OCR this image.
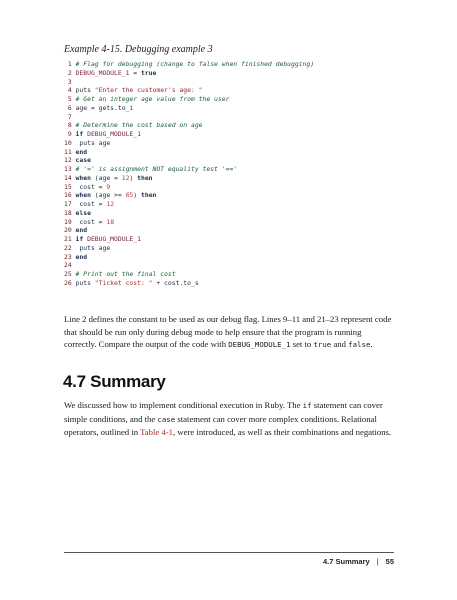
Example 4-15. Debugging example 3
1 # Flag for debugging (change to false when finished debugging)
2 DEBUG_MODULE_1 = true
3
4 puts "Enter the customer's age: "
5 # Get an integer age value from the user
6 age = gets.to_i
7
8 # Determine the cost based on age
9 if DEBUG_MODULE_1
10  puts age
11 end
12 case
13 # '=' is assignment NOT equality test '=='
14 when (age = 12) then
15  cost = 9
16 when (age >= 65) then
17  cost = 12
18 else
19  cost = 18
20 end
21 if DEBUG_MODULE_1
22  puts age
23 end
24
25 # Print out the final cost
26 puts "Ticket cost: " + cost.to_s

Line 2 defines the constant to be used as our debug flag. Lines 9–11 and 21–23 represent code that should be run only during debug mode to help ensure that the program is running correctly. Compare the output of the code with DEBUG_MODULE_1 set to true and false.

4.7 Summary

We discussed how to implement conditional execution in Ruby. The if statement can cover simple conditions, and the case statement can cover more complex conditions. Relational operators, outlined in Table 4-1, were introduced, as well as their combinations and negations.

4.7 Summary | 55
